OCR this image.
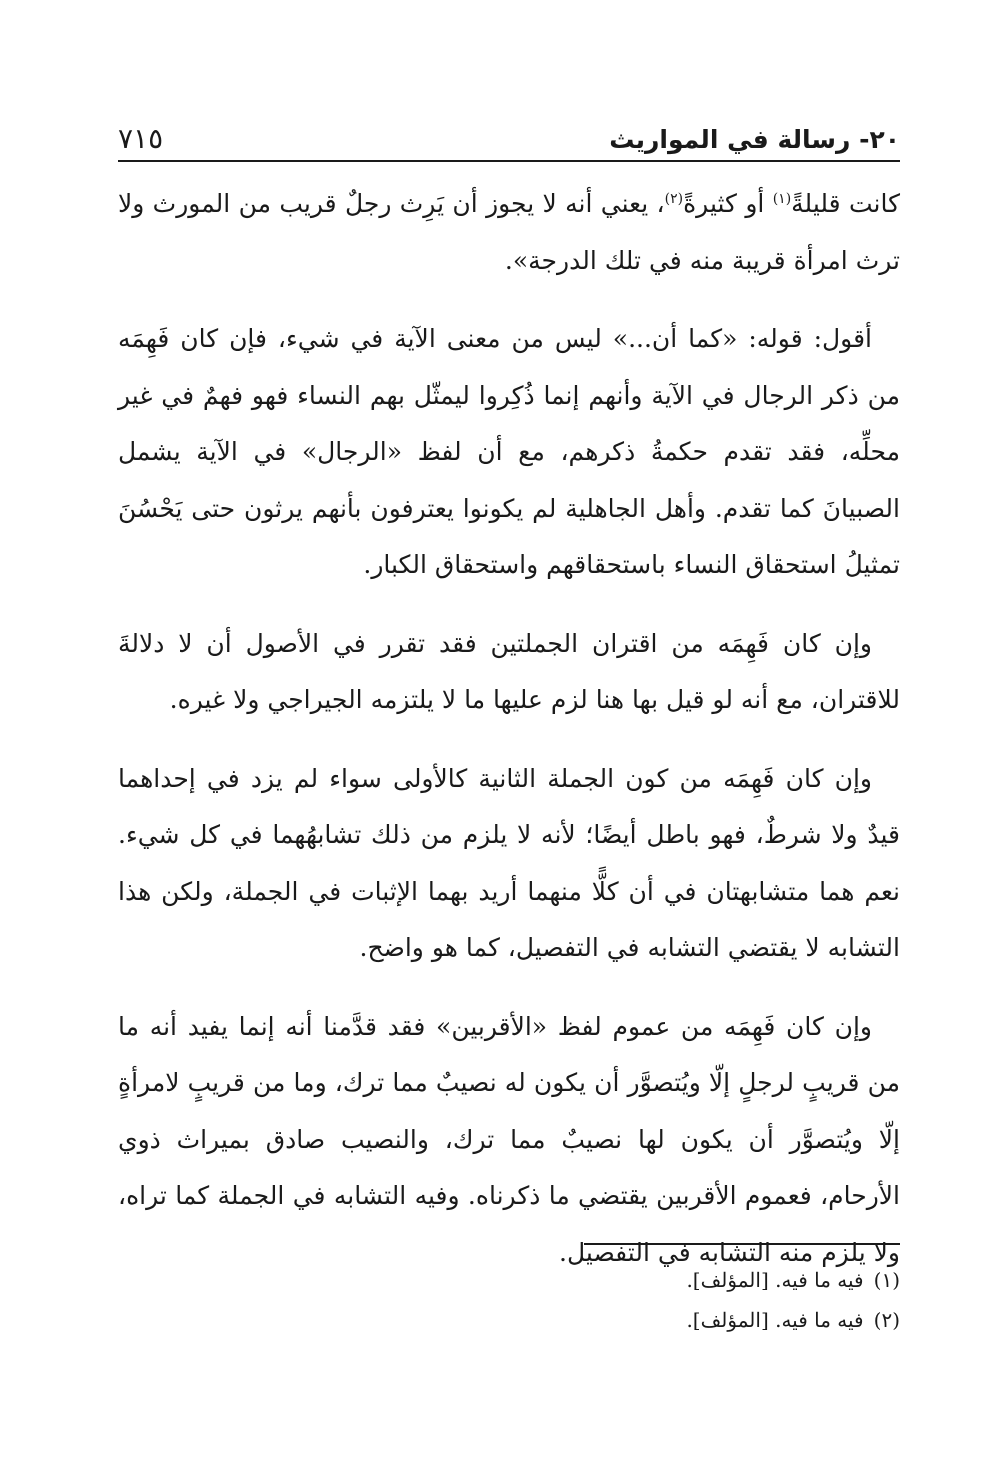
٢٠- رسالة في المواريث
٧١٥

كانت قليلةً$^{(١)}$ أو كثيرةً$^{(٢)}$، يعني أنه لا يجوز أن يَرِث رجلٌ قريب من المورث ولا ترث امرأة قريبة منه في تلك الدرجة».

أقول: قوله: «كما أن...» ليس من معنى الآية في شيء، فإن كان فَهِمَه من ذكر الرجال في الآية وأنهم إنما ذُكِروا ليمثّل بهم النساء فهو فهمٌ في غير محلِّه، فقد تقدم حكمةُ ذكرهم، مع أن لفظ «الرجال» في الآية يشمل الصبيانَ كما تقدم. وأهل الجاهلية لم يكونوا يعترفون بأنهم يرثون حتى يَحْسُنَ تمثيلُ استحقاق النساء باستحقاقهم واستحقاق الكبار.

وإن كان فَهِمَه من اقتران الجملتين فقد تقرر في الأصول أن لا دلالةَ للاقتران، مع أنه لو قيل بها هنا لزم عليها ما لا يلتزمه الجيراجي ولا غيره.

وإن كان فَهِمَه من كون الجملة الثانية كالأولى سواء لم يزد في إحداهما قيدٌ ولا شرطٌ، فهو باطل أيضًا؛ لأنه لا يلزم من ذلك تشابهُهما في كل شيء. نعم هما متشابهتان في أن كلًّا منهما أريد بهما الإثبات في الجملة، ولكن هذا التشابه لا يقتضي التشابه في التفصيل، كما هو واضح.

وإن كان فَهِمَه من عموم لفظ «الأقربين» فقد قدَّمنا أنه إنما يفيد أنه ما من قريبٍ لرجلٍ إلّا ويُتصوَّر أن يكون له نصيبٌ مما ترك، وما من قريبٍ لامرأةٍ إلّا ويُتصوَّر أن يكون لها نصيبٌ مما ترك، والنصيب صادق بميراث ذوي الأرحام، فعموم الأقربين يقتضي ما ذكرناه. وفيه التشابه في الجملة كما تراه، ولا يلزم منه التشابه في التفصيل.

(١)فيه ما فيه. [المؤلف].
(٢)فيه ما فيه. [المؤلف].
